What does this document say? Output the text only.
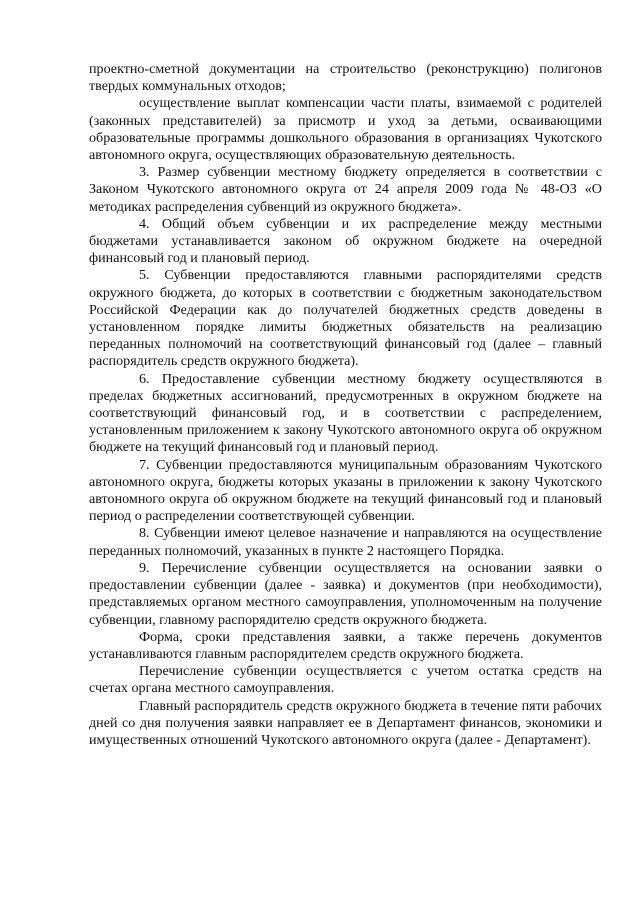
проектно-сметной документации на строительство (реконструкцию) полигонов твердых коммунальных отходов;

осуществление выплат компенсации части платы, взимаемой с родителей (законных представителей) за присмотр и уход за детьми, осваивающими образовательные программы дошкольного образования в организациях Чукотского автономного округа, осуществляющих образовательную деятельность.

3. Размер субвенции местному бюджету определяется в соответствии с Законом Чукотского автономного округа от 24 апреля 2009 года № 48-ОЗ «О методиках распределения субвенций из окружного бюджета».

4. Общий объем субвенции и их распределение между местными бюджетами устанавливается законом об окружном бюджете на очередной финансовый год и плановый период.

5. Субвенции предоставляются главными распорядителями средств окружного бюджета, до которых в соответствии с бюджетным законодательством Российской Федерации как до получателей бюджетных средств доведены в установленном порядке лимиты бюджетных обязательств на реализацию переданных полномочий на соответствующий финансовый год (далее – главный распорядитель средств окружного бюджета).

6. Предоставление субвенции местному бюджету осуществляются в пределах бюджетных ассигнований, предусмотренных в окружном бюджете на соответствующий финансовый год, и в соответствии с распределением, установленным приложением к закону Чукотского автономного округа об окружном бюджете на текущий финансовый год и плановый период.

7. Субвенции предоставляются муниципальным образованиям Чукотского автономного округа, бюджеты которых указаны в приложении к закону Чукотского автономного округа об окружном бюджете на текущий финансовый год и плановый период о распределении соответствующей субвенции.

8. Субвенции имеют целевое назначение и направляются на осуществление переданных полномочий, указанных в пункте 2 настоящего Порядка.

9. Перечисление субвенции осуществляется на основании заявки о предоставлении субвенции (далее - заявка) и документов (при необходимости), представляемых органом местного самоуправления, уполномоченным на получение субвенции, главному распорядителю средств окружного бюджета.

Форма, сроки представления заявки, а также перечень документов устанавливаются главным распорядителем средств окружного бюджета.

Перечисление субвенции осуществляется с учетом остатка средств на счетах органа местного самоуправления.

Главный распорядитель средств окружного бюджета в течение пяти рабочих дней со дня получения заявки направляет ее в Департамент финансов, экономики и имущественных отношений Чукотского автономного округа (далее - Департамент).
